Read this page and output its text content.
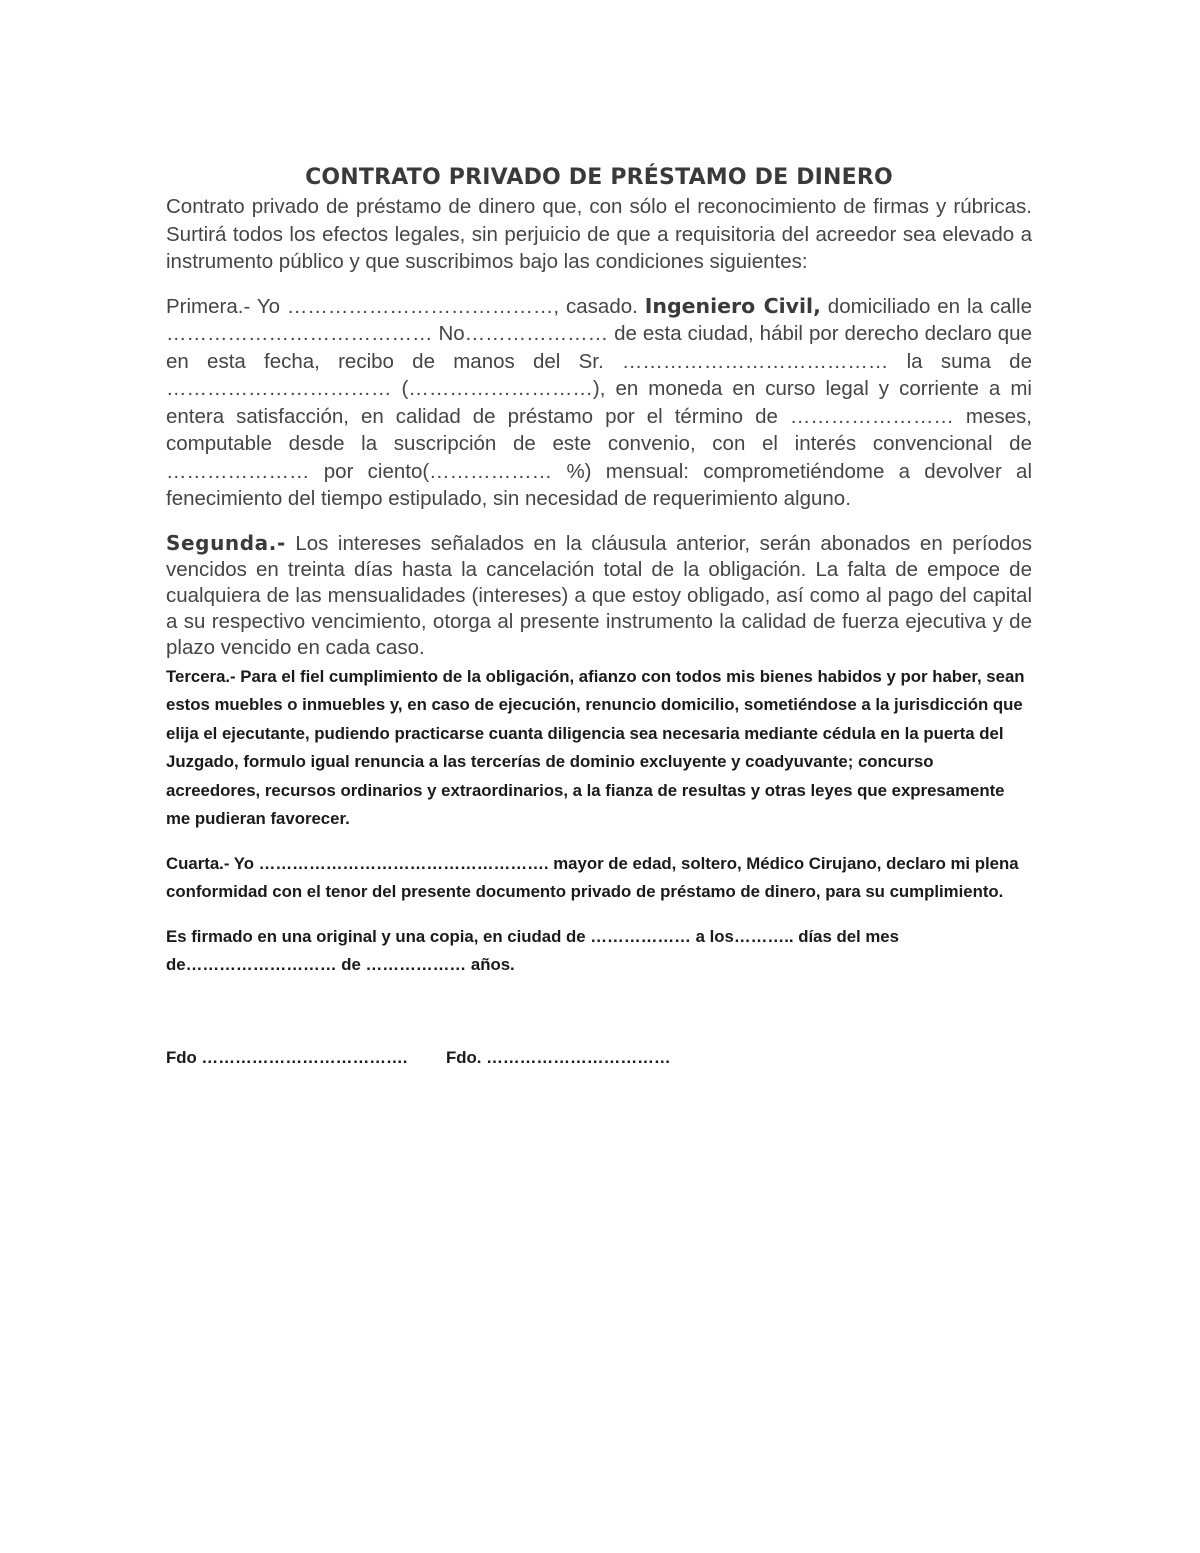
CONTRATO PRIVADO DE PRÉSTAMO DE DINERO

Contrato privado de préstamo de dinero que, con sólo el reconocimiento de firmas y rúbricas. Surtirá todos los efectos legales, sin perjuicio de que a requisitoria del acreedor sea elevado a instrumento público y que suscribimos bajo las condiciones siguientes:

Primera.- Yo …………………………………, casado. Ingeniero Civil, domiciliado en la calle ………………………………… No………………… de esta ciudad, hábil por derecho declaro que en esta fecha, recibo de manos del Sr. ………………………………… la suma de …………………………… (………………………), en moneda en curso legal y corriente a mi entera satisfacción, en calidad de préstamo por el término de …………………… meses, computable desde la suscripción de este convenio, con el interés convencional de ………………… por ciento(……………… %) mensual: comprometiéndome a devolver al fenecimiento del tiempo estipulado, sin necesidad de requerimiento alguno.

Segunda.- Los intereses señalados en la cláusula anterior, serán abonados en períodos vencidos en treinta días hasta la cancelación total de la obligación. La falta de empoce de cualquiera de las mensualidades (intereses) a que estoy obligado, así como al pago del capital a su respectivo vencimiento, otorga al presente instrumento la calidad de fuerza ejecutiva y de plazo vencido en cada caso.

Tercera.- Para el fiel cumplimiento de la obligación, afianzo con todos mis bienes habidos y por haber, sean estos muebles o inmuebles y, en caso de ejecución, renuncio domicilio, sometiéndose a la jurisdicción que elija el ejecutante, pudiendo practicarse cuanta diligencia sea necesaria mediante cédula en la puerta del Juzgado, formulo igual renuncia a las tercerías de dominio excluyente y coadyuvante; concurso acreedores, recursos ordinarios y extraordinarios, a la fianza de resultas y otras leyes que expresamente me pudieran favorecer.

Cuarta.- Yo ……………………………………………. mayor de edad, soltero, Médico Cirujano, declaro mi plena conformidad con el tenor del presente documento privado de préstamo de dinero, para su cumplimiento.

Es firmado en una original y una copia, en ciudad de ……………… a los……….. días del mes de……………………… de ……………… años.

Fdo ………………………………. Fdo. ……………………………
